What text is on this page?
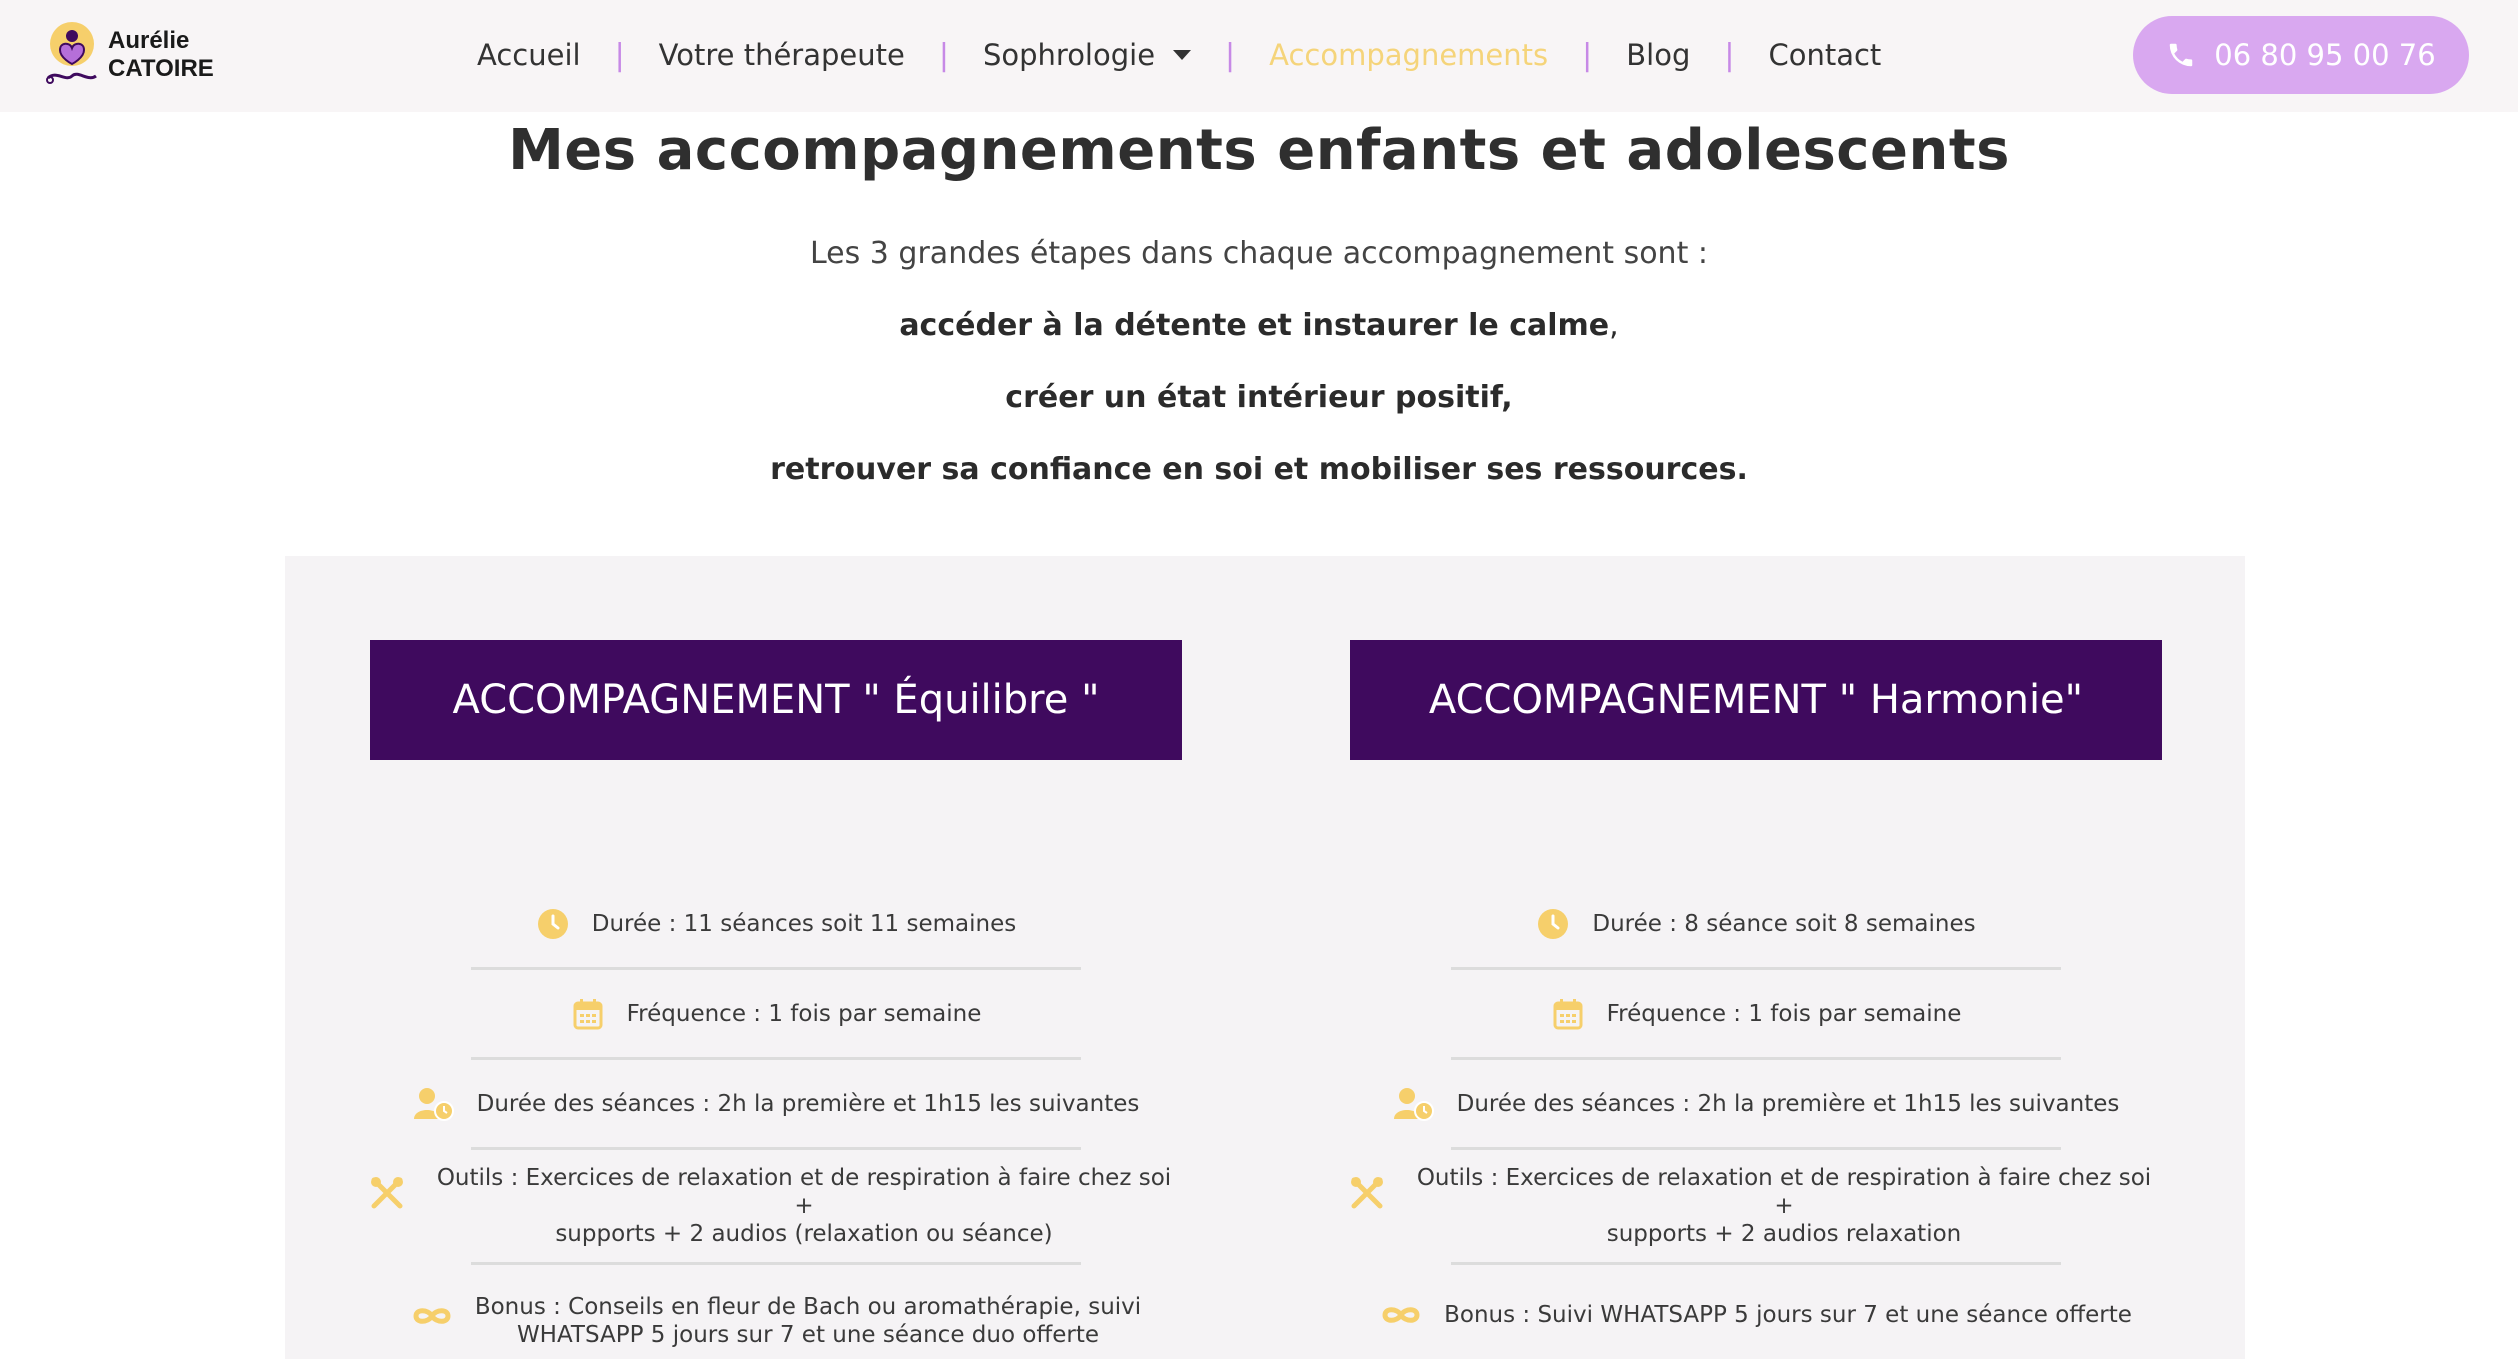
Aurélie
CATOIRE	Accueil | Votre thérapeute | Sophrologie | Accompagnements | Blog | Contact	06 80 95 00 76
Mes accompagnements enfants et adolescents

Les 3 grandes étapes dans chaque accompagnement sont :

accéder à la détente et instaurer le calme,

créer un état intérieur positif,

retrouver sa confiance en soi et mobiliser ses ressources.

ACCOMPAGNEMENT " Équilibre "
Durée : 11 séances soit 11 semaines
Fréquence : 1 fois par semaine
Durée des séances : 2h la première et 1h15 les suivantes
Outils : Exercices de relaxation et de respiration à faire chez soi +
supports + 2 audios (relaxation ou séance)
Bonus : Conseils en fleur de Bach ou aromathérapie, suivi
WHATSAPP 5 jours sur 7 et une séance duo offerte
ACCOMPAGNEMENT " Harmonie"
Durée : 8 séance soit 8 semaines
Fréquence : 1 fois par semaine
Durée des séances : 2h la première et 1h15 les suivantes
Outils : Exercices de relaxation et de respiration à faire chez soi +
supports + 2 audios relaxation
Bonus : Suivi WHATSAPP 5 jours sur 7 et une séance offerte
